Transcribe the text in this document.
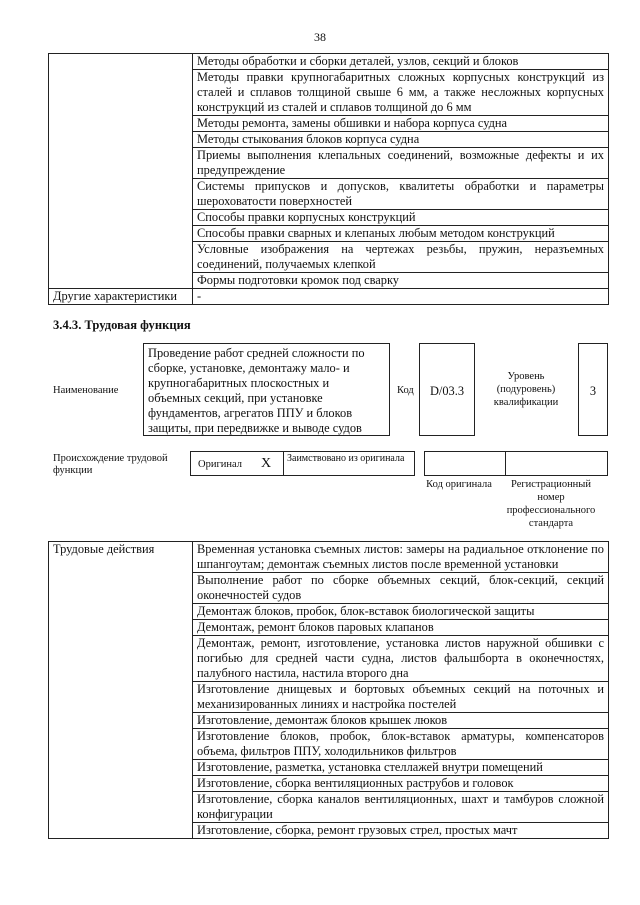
38
	Методы обработки и сборки деталей, узлов, секций и блоков
	Методы правки крупногабаритных сложных корпусных конструкций из сталей и сплавов толщиной свыше 6 мм, а также несложных корпусных конструкций из сталей и сплавов толщиной до 6 мм
	Методы ремонта, замены обшивки и набора корпуса судна
	Методы стыкования блоков корпуса судна
	Приемы выполнения клепальных соединений, возможные дефекты и их предупреждение
	Системы припусков и допусков, квалитеты обработки и параметры шероховатости поверхностей
	Способы правки корпусных конструкций
	Способы правки сварных и клепаных любым методом конструкций
	Условные изображения на чертежах резьбы, пружин, неразъемных соединений, получаемых клепкой
	Формы подготовки кромок под сварку
Другие характеристики	-
3.4.3. Трудовая функция
Наименование
Проведение работ средней сложности по сборке, установке, демонтажу мало- и крупногабаритных плоскостных и объемных секций, при установке фундаментов, агрегатов ППУ и блоков защиты, при передвижке и выводе судов
Код	D/03.3
Уровень (подуровень) квалификации
3
Происхождение трудовой функции
Оригинал X Заимствовано из оригинала
Код оригинала	Регистрационный номер профессионального стандарта
Трудовые действия	Временная установка съемных листов: замеры на радиальное отклонение по шпангоутам; демонтаж съемных листов после временной установки
Выполнение работ по сборке объемных секций, блок-секций, секций оконечностей судов
Демонтаж блоков, пробок, блок-вставок биологической защиты
Демонтаж, ремонт блоков паровых клапанов
Демонтаж, ремонт, изготовление, установка листов наружной обшивки с погибью для средней части судна, листов фальшборта в оконечностях, палубного настила, настила второго дна
Изготовление днищевых и бортовых объемных секций на поточных и механизированных линиях и настройка постелей
Изготовление, демонтаж блоков крышек люков
Изготовление блоков, пробок, блок-вставок арматуры, компенсаторов объема, фильтров ППУ, холодильников фильтров
Изготовление, разметка, установка стеллажей внутри помещений
Изготовление, сборка вентиляционных раструбов и головок
Изготовление, сборка каналов вентиляционных, шахт и тамбуров сложной конфигурации
Изготовление, сборка, ремонт грузовых стрел, простых мачт
